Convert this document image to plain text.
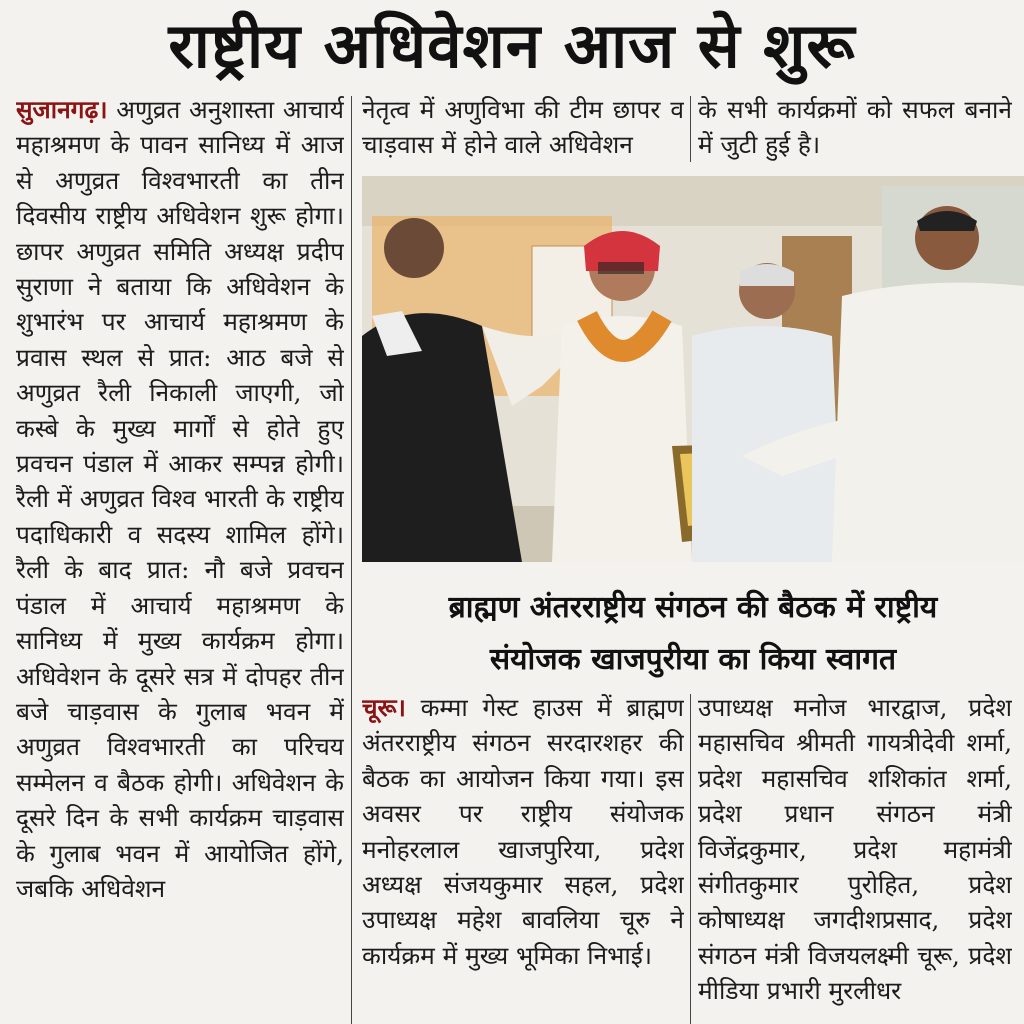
राष्ट्रीय अधिवेशन आज से शुरू

सुजानगढ़। अणुव्रत अनुशास्ता आचार्य महाश्रमण के पावन सानिध्य में आज से अणुव्रत विश्वभारती का तीन दिवसीय राष्ट्रीय अधिवेशन शुरू होगा। छापर अणुव्रत समिति अध्यक्ष प्रदीप सुराणा ने बताया कि अधिवेशन के शुभारंभ पर आचार्य महाश्रमण के प्रवास स्थल से प्रात: आठ बजे से अणुव्रत रैली निकाली जाएगी, जो कस्बे के मुख्य मार्गों से होते हुए प्रवचन पंडाल में आकर सम्पन्न होगी। रैली में अणुव्रत विश्व भारती के राष्ट्रीय पदाधिकारी व सदस्य शामिल होंगे। रैली के बाद प्रात: नौ बजे प्रवचन पंडाल में आचार्य महाश्रमण के सानिध्य में मुख्य कार्यक्रम होगा। अधिवेशन के दूसरे सत्र में दोपहर तीन बजे चाड़वास के गुलाब भवन में अणुव्रत विश्वभारती का परिचय सम्मेलन व बैठक होगी। अधिवेशन के दूसरे दिन के सभी कार्यक्रम चाड़वास के गुलाब भवन में आयोजित होंगे, जबकि अधिवेशन

नेतृत्व में अणुविभा की टीम छापर व चाड़वास में होने वाले अधिवेशन

के सभी कार्यक्रमों को सफल बनाने में जुटी हुई है।

ब्राह्मण अंतरराष्ट्रीय संगठन की बैठक में राष्ट्रीय
संयोजक खाजपुरीया का किया स्वागत

चूरू। कम्मा गेस्ट हाउस में ब्राह्मण अंतरराष्ट्रीय संगठन सरदारशहर की बैठक का आयोजन किया गया। इस अवसर पर राष्ट्रीय संयोजक मनोहरलाल खाजपुरिया, प्रदेश अध्यक्ष संजयकुमार सहल, प्रदेश उपाध्यक्ष महेश बावलिया चूरु ने कार्यक्रम में मुख्य भूमिका निभाई।

उपाध्यक्ष मनोज भारद्वाज, प्रदेश महासचिव श्रीमती गायत्रीदेवी शर्मा, प्रदेश महासचिव शशिकांत शर्मा, प्रदेश प्रधान संगठन मंत्री विजेंद्रकुमार, प्रदेश महामंत्री संगीतकुमार पुरोहित, प्रदेश कोषाध्यक्ष जगदीशप्रसाद, प्रदेश संगठन मंत्री विजयलक्ष्मी चूरू, प्रदेश मीडिया प्रभारी मुरलीधर
